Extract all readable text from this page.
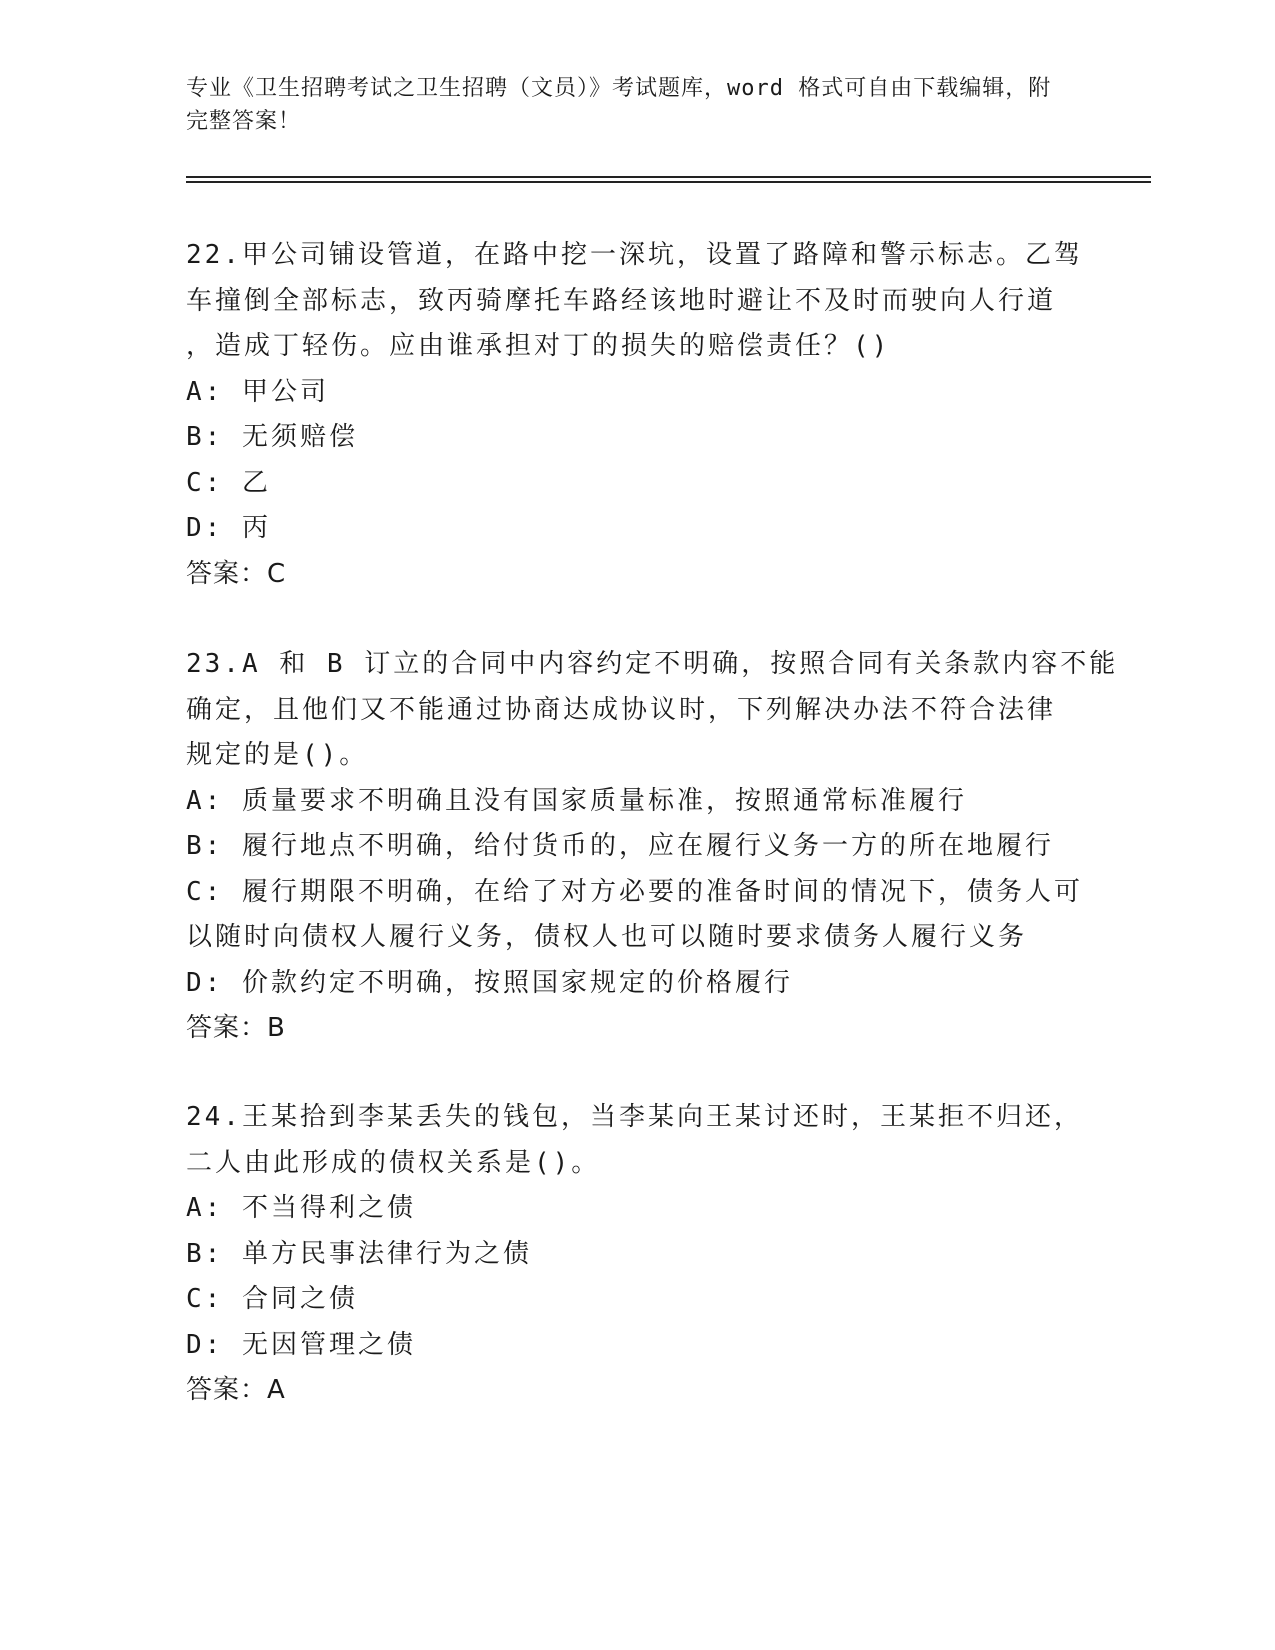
专业《卫生招聘考试之卫生招聘（文员）》考试题库，word 格式可自由下载编辑，附完整答案！
22.甲公司铺设管道，在路中挖一深坑，设置了路障和警示标志。乙驾
车撞倒全部标志，致丙骑摩托车路经该地时避让不及时而驶向人行道
，造成丁轻伤。应由谁承担对丁的损失的赔偿责任？()
A: 甲公司
B: 无须赔偿
C: 乙
D: 丙
答案：C
23.A 和 B 订立的合同中内容约定不明确，按照合同有关条款内容不能
确定，且他们又不能通过协商达成协议时，下列解决办法不符合法律
规定的是()。
A: 质量要求不明确且没有国家质量标准，按照通常标准履行
B: 履行地点不明确，给付货币的，应在履行义务一方的所在地履行
C: 履行期限不明确，在给了对方必要的准备时间的情况下，债务人可
以随时向债权人履行义务，债权人也可以随时要求债务人履行义务
D: 价款约定不明确，按照国家规定的价格履行
答案：B
24.王某拾到李某丢失的钱包，当李某向王某讨还时，王某拒不归还，
二人由此形成的债权关系是()。
A: 不当得利之债
B: 单方民事法律行为之债
C: 合同之债
D: 无因管理之债
答案：A
